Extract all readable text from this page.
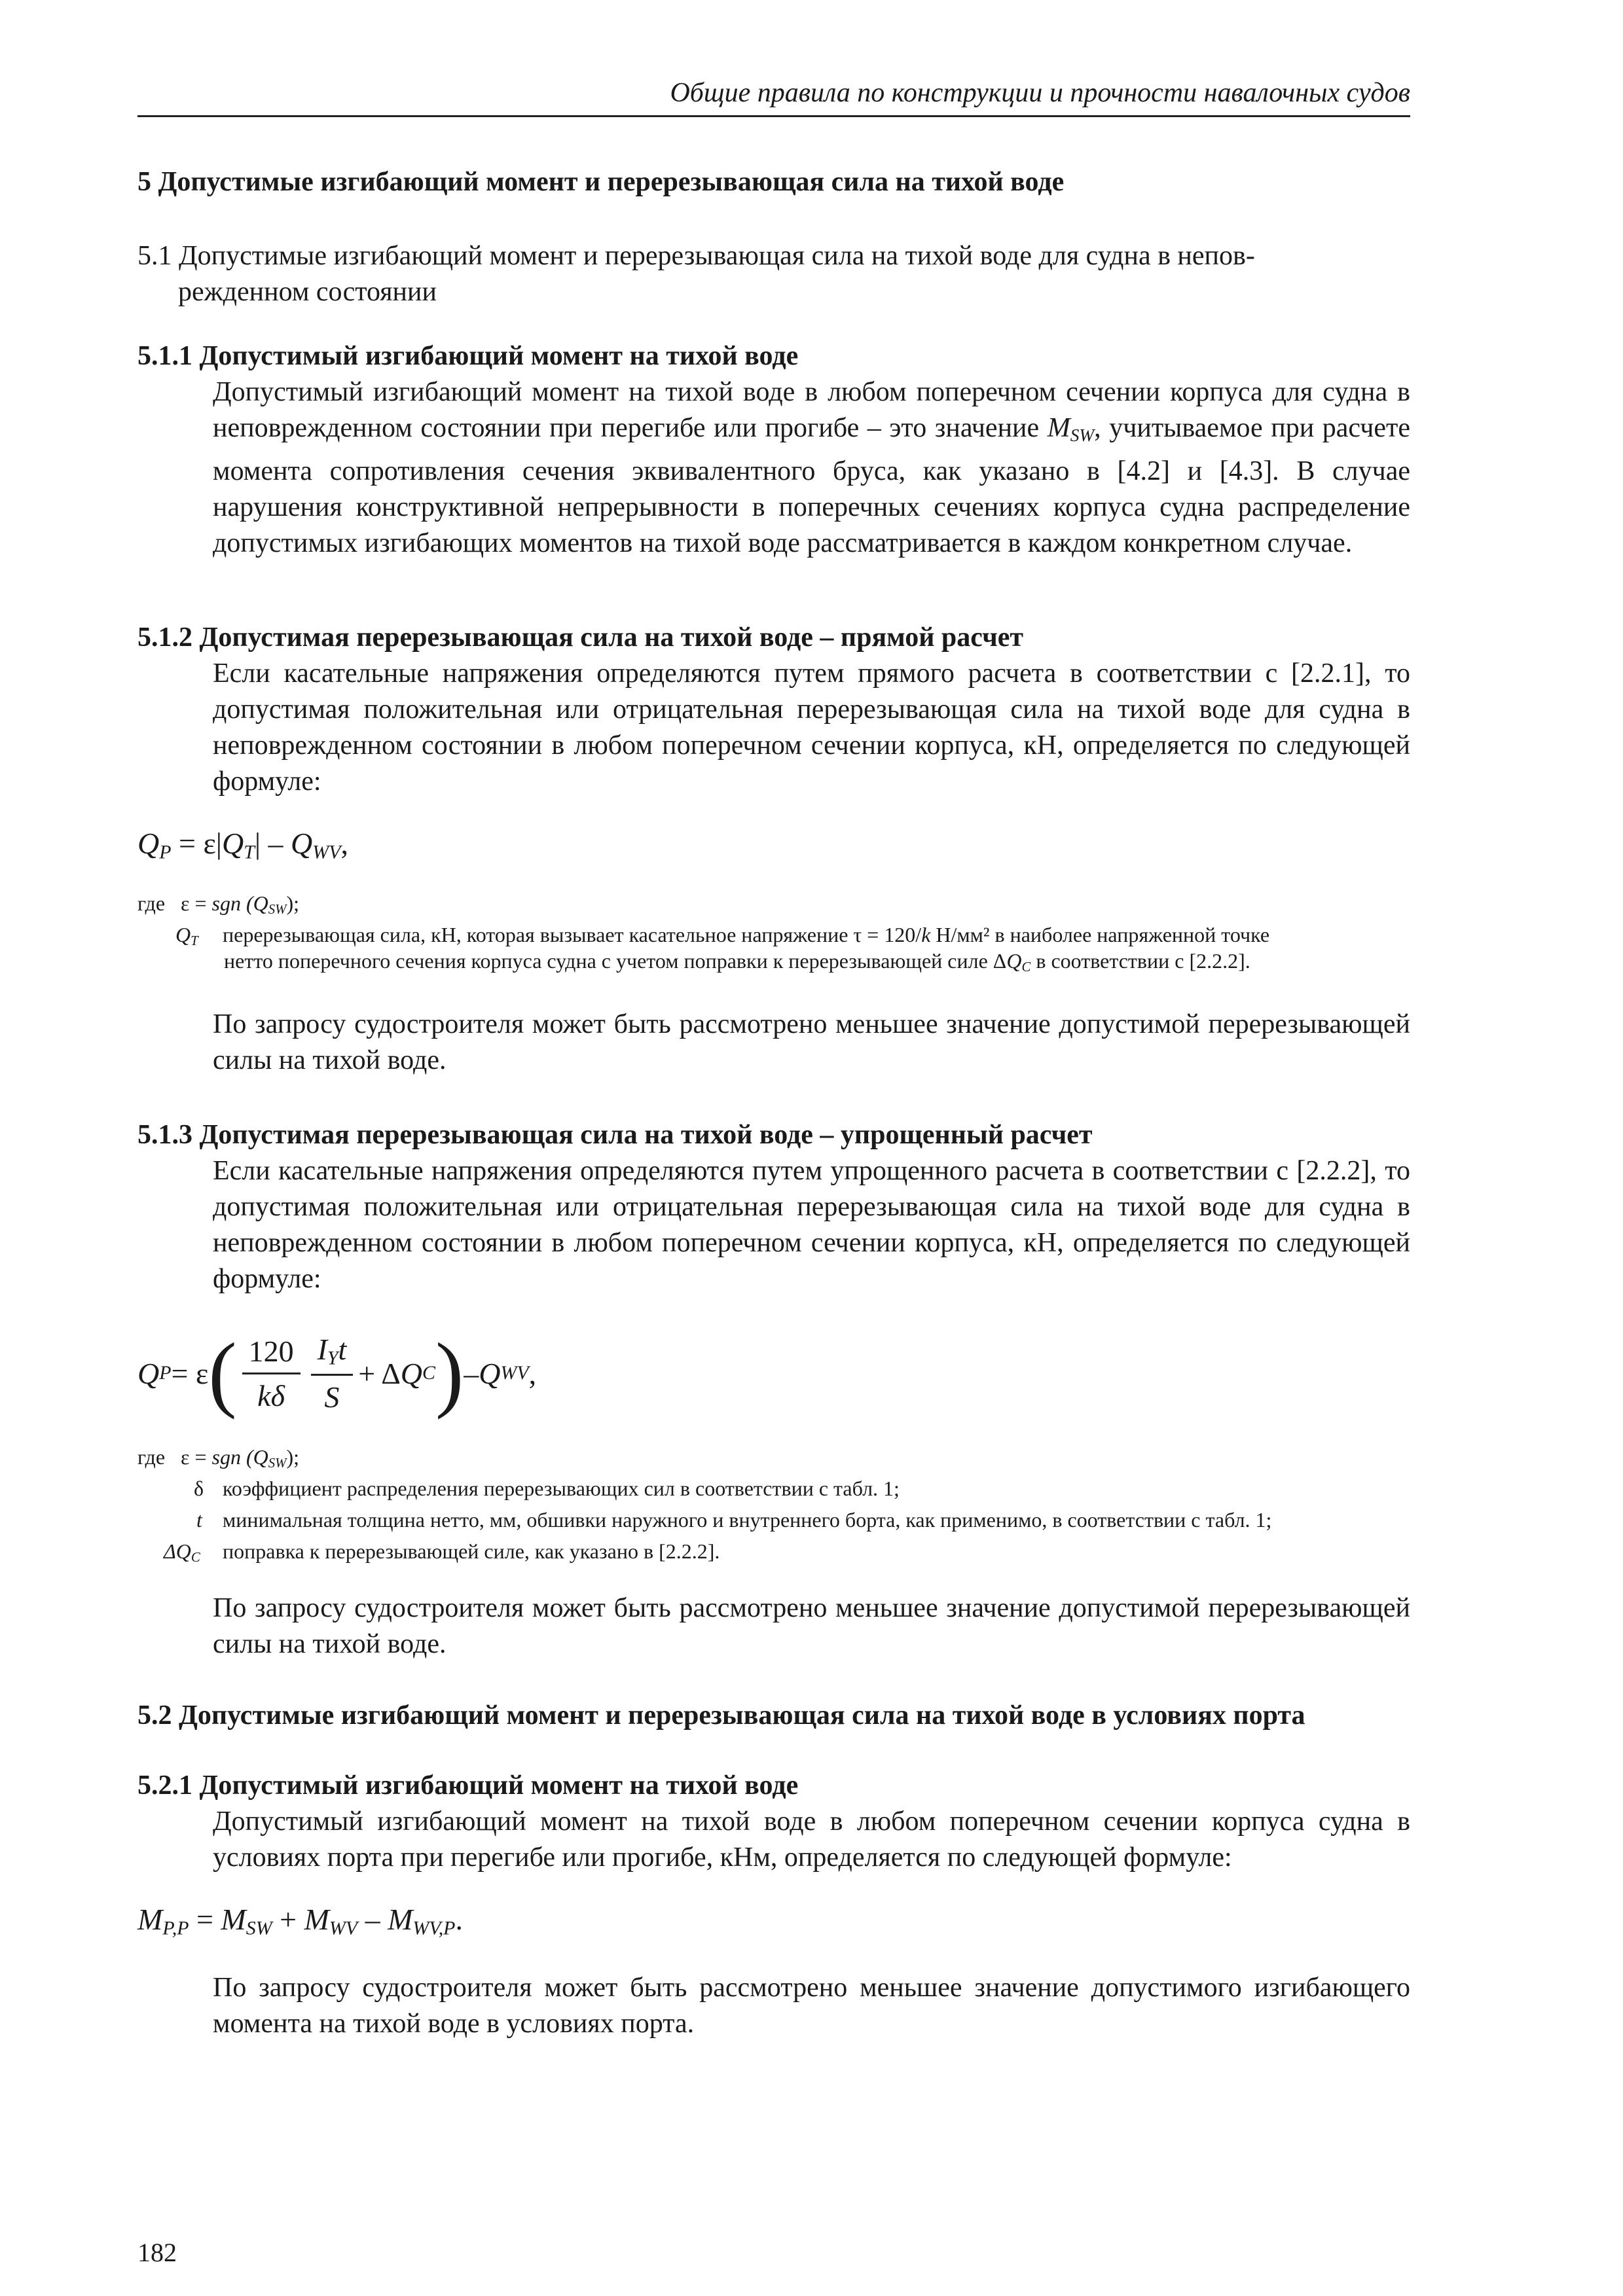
Общие правила по конструкции и прочности навалочных судов
5 Допустимые изгибающий момент и перерезывающая сила на тихой воде
5.1 Допустимые изгибающий момент и перерезывающая сила на тихой воде для судна в непов-
режденном состоянии
5.1.1 Допустимый изгибающий момент на тихой воде

Допустимый изгибающий момент на тихой воде в любом поперечном сечении корпуса для судна в неповрежденном состоянии при перегибе или прогибе – это значение $M_{SW}$, учитываемое при расчете момента сопротивления сечения эквивалентного бруса, как указано в [4.2] и [4.3]. В случае нарушения конструктивной непрерывности в поперечных сечениях корпуса судна распределение допустимых изгибающих моментов на тихой воде рассматривается в каждом конкретном случае.

5.1.2 Допустимая перерезывающая сила на тихой воде – прямой расчет

Если касательные напряжения определяются путем прямого расчета в соответствии с [2.2.1], то допустимая положительная или отрицательная перерезывающая сила на тихой воде для судна в неповрежденном состоянии в любом поперечном сечении корпуса, кН, определяется по следующей формуле:

$Q_P = \varepsilon|Q_T| - Q_{WV}$,
где ε = sgn $(Q_{SW})$;
$Q_T$ перерезывающая сила, кН, которая вызывает касательное напряжение τ = 120/k Н/мм² в наиболее напряженной точке
нетто поперечного сечения корпуса судна с учетом поправки к перерезывающей силе $\Delta Q_C$ в соответствии с [2.2.2].

По запросу судостроителя может быть рассмотрено меньшее значение допустимой перерезывающей силы на тихой воде.

5.1.3 Допустимая перерезывающая сила на тихой воде – упрощенный расчет

Если касательные напряжения определяются путем упрощенного расчета в соответствии с [2.2.2], то допустимая положительная или отрицательная перерезывающая сила на тихой воде для судна в неповрежденном состоянии в любом поперечном сечении корпуса, кН, определяется по следующей формуле:

Q P = ε ( $\frac{120}{k\delta} \frac{I_Yt}{S} + \Delta$ Q C ) – Q WV ,
где ε = sgn $(Q_{SW})$;
δ коэффициент распределения перерезывающих сил в соответствии с табл. 1;
t минимальная толщина нетто, мм, обшивки наружного и внутреннего борта, как применимо, в соответствии с табл. 1;
$\Delta Q_C$ поправка к перерезывающей силе, как указано в [2.2.2].

По запросу судостроителя может быть рассмотрено меньшее значение допустимой перерезывающей силы на тихой воде.

5.2 Допустимые изгибающий момент и перерезывающая сила на тихой воде в условиях порта
5.2.1 Допустимый изгибающий момент на тихой воде

Допустимый изгибающий момент на тихой воде в любом поперечном сечении корпуса судна в условиях порта при перегибе или прогибе, кНм, определяется по следующей формуле:

$M_{P,P} = M_{SW} + M_{WV} - M_{WV,P}$.

По запросу судостроителя может быть рассмотрено меньшее значение допустимого изгибающего момента на тихой воде в условиях порта.

182
